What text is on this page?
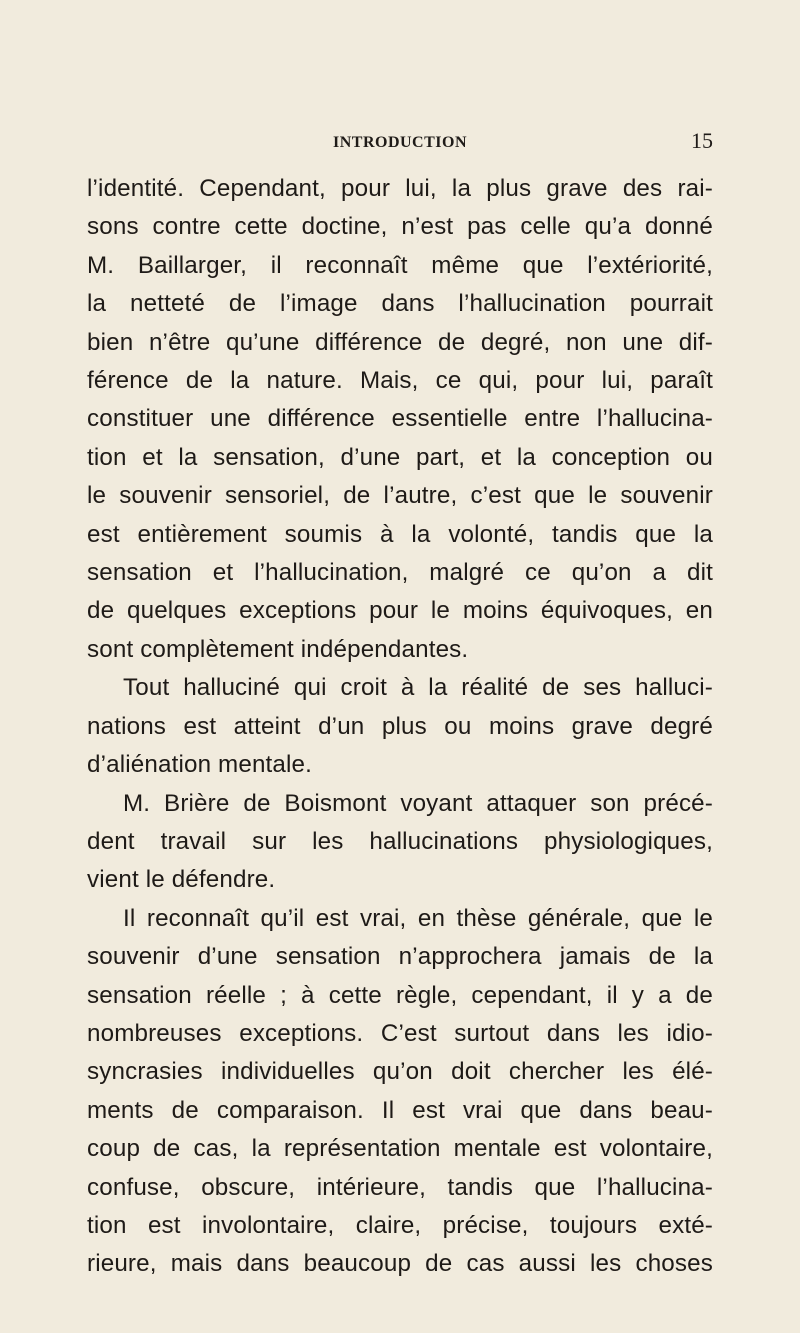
INTRODUCTION	15

l’identité. Cependant, pour lui, la plus grave des rai-

sons contre cette doctine, n’est pas celle qu’a donné

M. Baillarger, il reconnaît même que l’extériorité,

la netteté de l’image dans l’hallucination pourrait

bien n’être qu’une différence de degré, non une dif-

férence de la nature. Mais, ce qui, pour lui, paraît

constituer une différence essentielle entre l’hallucina-

tion et la sensation, d’une part, et la conception ou

le souvenir sensoriel, de l’autre, c’est que le souvenir

est entièrement soumis à la volonté, tandis que la

sensation et l’hallucination, malgré ce qu’on a dit

de quelques exceptions pour le moins équivoques, en

sont complètement indépendantes.

Tout halluciné qui croit à la réalité de ses halluci-

nations est atteint d’un plus ou moins grave degré

d’aliénation mentale.

M. Brière de Boismont voyant attaquer son précé-

dent travail sur les hallucinations physiologiques,

vient le défendre.

Il reconnaît qu’il est vrai, en thèse générale, que le

souvenir d’une sensation n’approchera jamais de la

sensation réelle ; à cette règle, cependant, il y a de

nombreuses exceptions. C’est surtout dans les idio-

syncrasies individuelles qu’on doit chercher les élé-

ments de comparaison. Il est vrai que dans beau-

coup de cas, la représentation mentale est volontaire,

confuse, obscure, intérieure, tandis que l’hallucina-

tion est involontaire, claire, précise, toujours exté-

rieure, mais dans beaucoup de cas aussi les choses
